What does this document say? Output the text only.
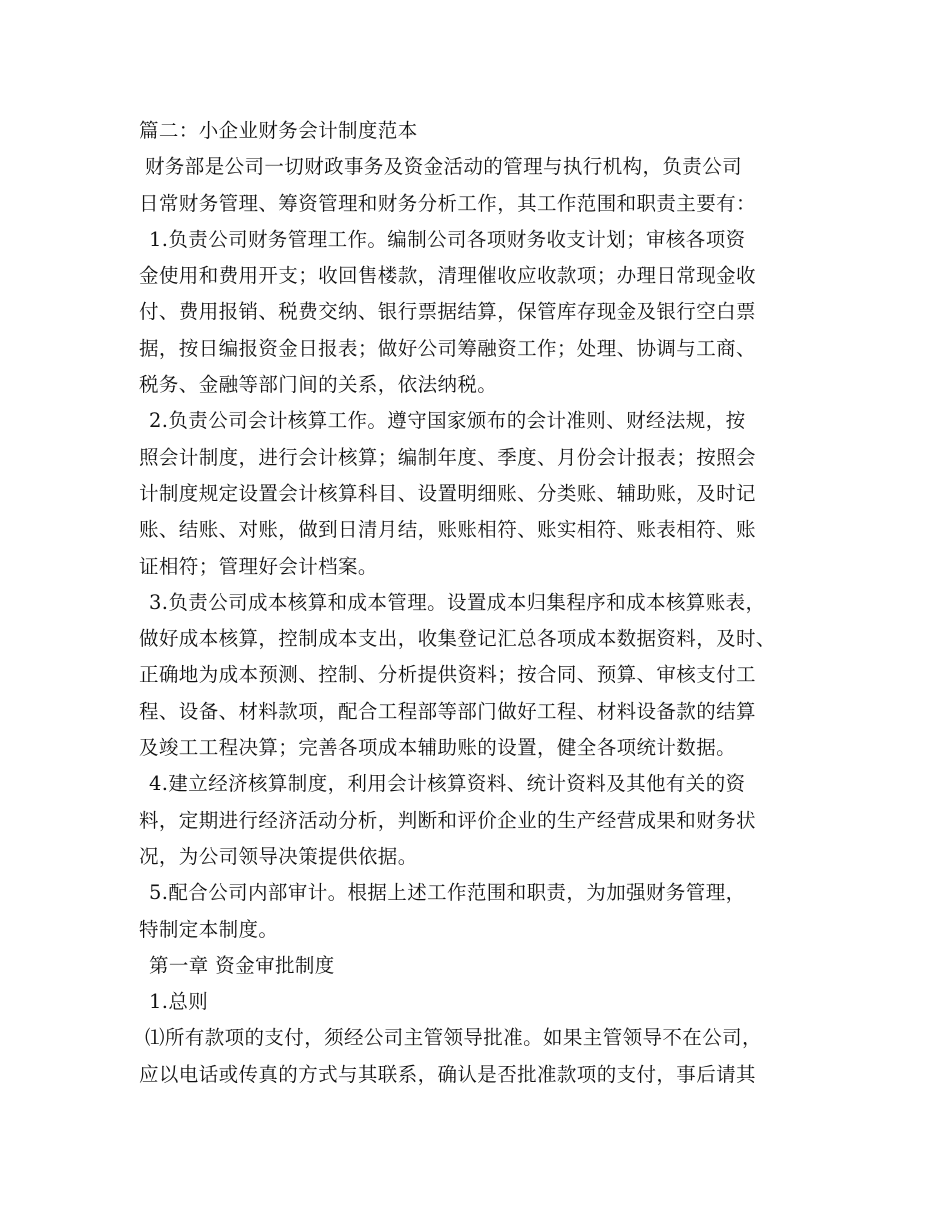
篇二：小企业财务会计制度范本
财务部是公司一切财政事务及资金活动的管理与执行机构，负责公司
日常财务管理、筹资管理和财务分析工作，其工作范围和职责主要有：
1.负责公司财务管理工作。编制公司各项财务收支计划；审核各项资
金使用和费用开支；收回售楼款，清理催收应收款项；办理日常现金收
付、费用报销、税费交纳、银行票据结算，保管库存现金及银行空白票
据，按日编报资金日报表；做好公司筹融资工作；处理、协调与工商、
税务、金融等部门间的关系，依法纳税。
2.负责公司会计核算工作。遵守国家颁布的会计准则、财经法规，按
照会计制度，进行会计核算；编制年度、季度、月份会计报表；按照会
计制度规定设置会计核算科目、设置明细账、分类账、辅助账，及时记
账、结账、对账，做到日清月结，账账相符、账实相符、账表相符、账
证相符；管理好会计档案。
3.负责公司成本核算和成本管理。设置成本归集程序和成本核算账表，
做好成本核算，控制成本支出，收集登记汇总各项成本数据资料，及时、
正确地为成本预测、控制、分析提供资料；按合同、预算、审核支付工
程、设备、材料款项，配合工程部等部门做好工程、材料设备款的结算
及竣工工程决算；完善各项成本辅助账的设置，健全各项统计数据。
4.建立经济核算制度，利用会计核算资料、统计资料及其他有关的资
料，定期进行经济活动分析，判断和评价企业的生产经营成果和财务状
况，为公司领导决策提供依据。
5.配合公司内部审计。根据上述工作范围和职责，为加强财务管理，
特制定本制度。
第一章 资金审批制度
1.总则
⑴所有款项的支付，须经公司主管领导批准。如果主管领导不在公司，
应以电话或传真的方式与其联系，确认是否批准款项的支付，事后请其
